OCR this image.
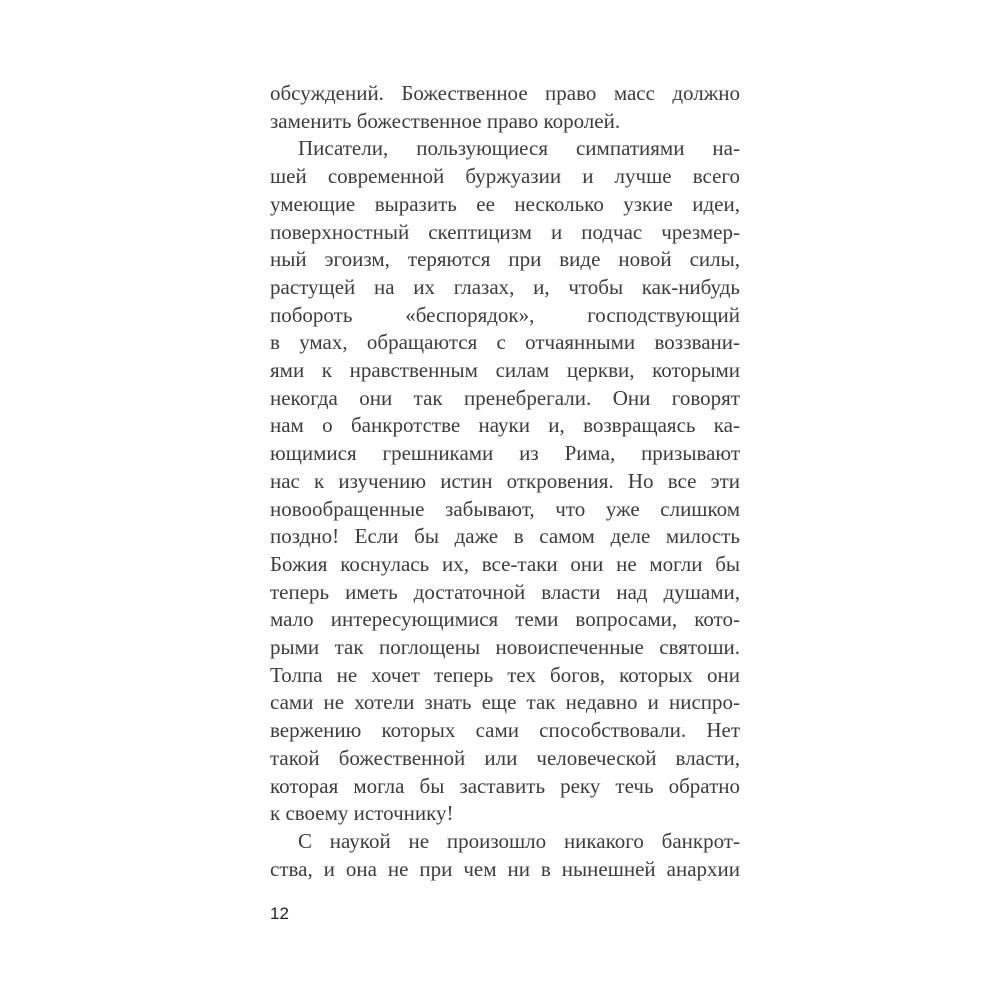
обсуждений. Божественное право масс должно
заменить божественное право королей.
Писатели, пользующиеся симпатиями на-
шей современной буржуазии и лучше всего
умеющие выразить ее несколько узкие идеи,
поверхностный скептицизм и подчас чрезмер-
ный эгоизм, теряются при виде новой силы,
растущей на их глазах, и, чтобы как-нибудь
побороть «беспорядок», господствующий
в умах, обращаются с отчаянными воззвани-
ями к нравственным силам церкви, которыми
некогда они так пренебрегали. Они говорят
нам о банкротстве науки и, возвращаясь ка-
ющимися грешниками из Рима, призывают
нас к изучению истин откровения. Но все эти
новообращенные забывают, что уже слишком
поздно! Если бы даже в самом деле милость
Божия коснулась их, все-таки они не могли бы
теперь иметь достаточной власти над душами,
мало интересующимися теми вопросами, кото-
рыми так поглощены новоиспеченные святоши.
Толпа не хочет теперь тех богов, которых они
сами не хотели знать еще так недавно и ниспро-
вержению которых сами способствовали. Нет
такой божественной или человеческой власти,
которая могла бы заставить реку течь обратно
к своему источнику!
С наукой не произошло никакого банкрот-
ства, и она не при чем ни в нынешней анархии
12
